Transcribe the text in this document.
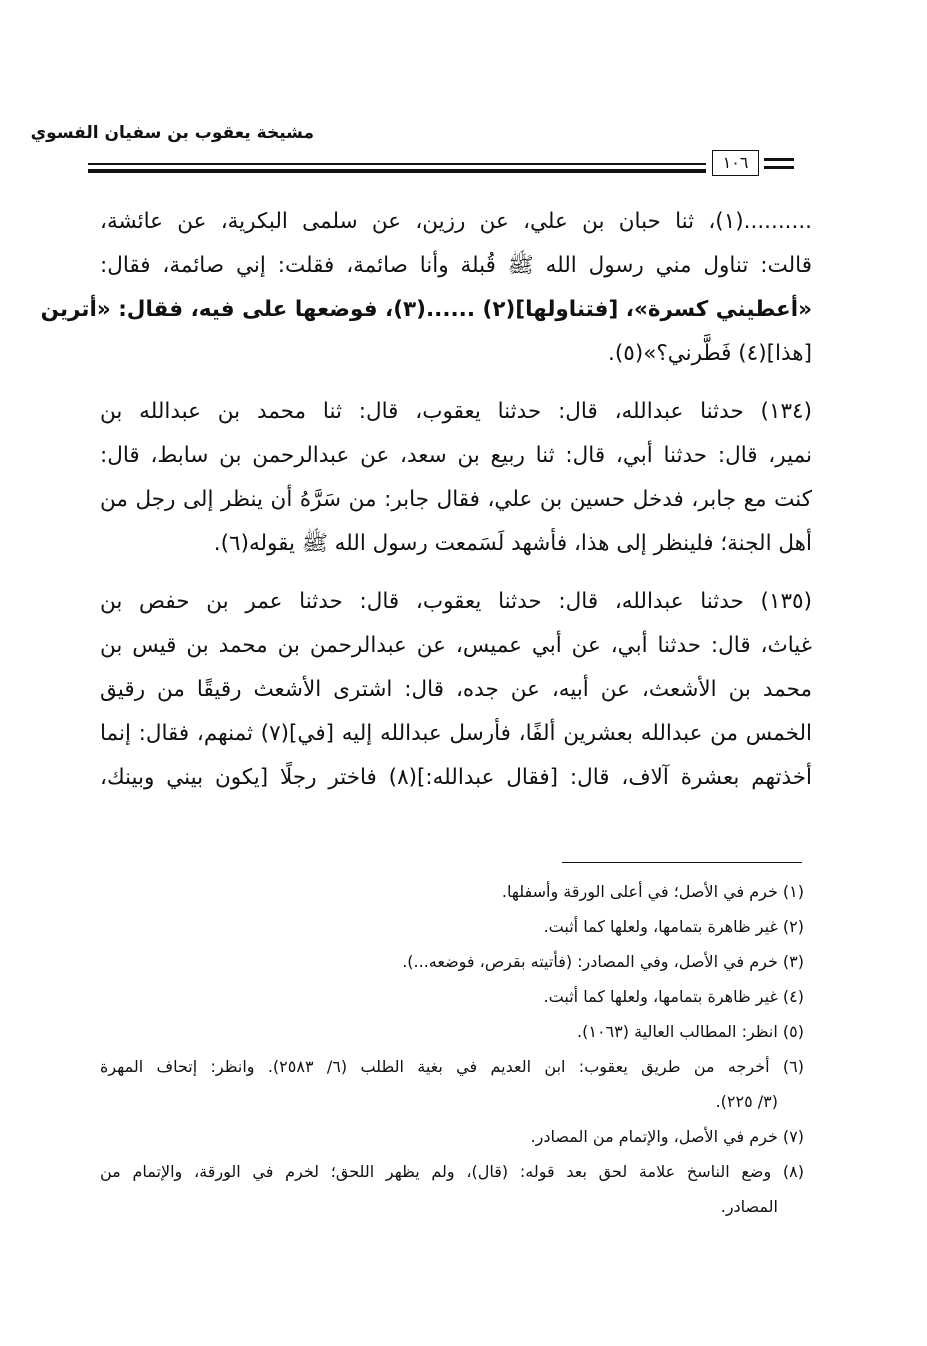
مشيخة يعقوب بن سفيان الفسوي
١٠٦
..........(١)، ثنا حبان بن علي، عن رزين، عن سلمى البكرية، عن عائشة،
قالت: تناول مني رسول الله ﷺ قُبلة وأنا صائمة، فقلت: إني صائمة، فقال:
«أعطيني كسرة»، [فتناولها](٢) ......(٣)، فوضعها على فيه، فقال: «أترين
[هذا](٤) فَطَّرني؟»(٥).
(١٣٤) حدثنا عبدالله، قال: حدثنا يعقوب، قال: ثنا محمد بن عبدالله بن
نمير، قال: حدثنا أبي، قال: ثنا ربيع بن سعد، عن عبدالرحمن بن سابط، قال:
كنت مع جابر، فدخل حسين بن علي، فقال جابر: من سَرَّهُ أن ينظر إلى رجل من
أهل الجنة؛ فلينظر إلى هذا، فأشهد لَسَمعت رسول الله ﷺ يقوله(٦).
(١٣٥) حدثنا عبدالله، قال: حدثنا يعقوب، قال: حدثنا عمر بن حفص بن
غياث، قال: حدثنا أبي، عن أبي عميس، عن عبدالرحمن بن محمد بن قيس بن
محمد بن الأشعث، عن أبيه، عن جده، قال: اشترى الأشعث رقيقًا من رقيق
الخمس من عبدالله بعشرين ألفًا، فأرسل عبدالله إليه [في](٧) ثمنهم، فقال: إنما
أخذتهم بعشرة آلاف، قال: [فقال عبدالله:](٨) فاختر رجلًا [يكون بيني وبينك،
(١) خرم في الأصل؛ في أعلى الورقة وأسفلها.
(٢) غير ظاهرة بتمامها، ولعلها كما أثبت.
(٣) خرم في الأصل، وفي المصادر: (فأتيته بقرص، فوضعه...).
(٤) غير ظاهرة بتمامها، ولعلها كما أثبت.
(٥) انظر: المطالب العالية (١٠٦٣).
(٦) أخرجه من طريق يعقوب: ابن العديم في بغية الطلب (٦/ ٢٥٨٣). وانظر: إتحاف المهرة
(٣/ ٢٢٥).
(٧) خرم في الأصل، والإتمام من المصادر.
(٨) وضع الناسخ علامة لحق بعد قوله: (قال)، ولم يظهر اللحق؛ لخرم في الورقة، والإتمام من
المصادر.
